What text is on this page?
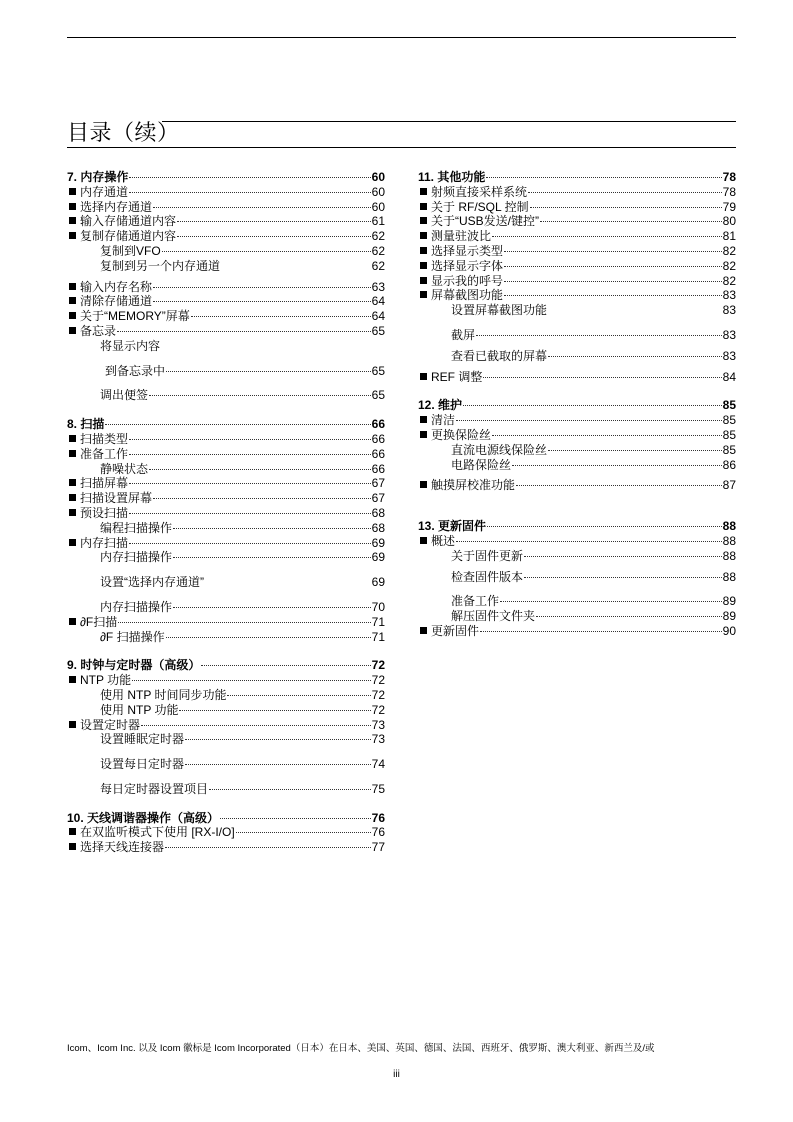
目录（续）
7. 内存操作	60
内存通道	60
选择内存通道	60
输入存储通道内容	61
复制存储通道内容	62
复制到VFO	62
复制到另一个内存通道	62
输入内存名称	63
清除存储通道	64
关于“MEMORY”屏幕	64
备忘录	65
将显示内容
到备忘录中	65
调出便签	65
8. 扫描	66
扫描类型	66
准备工作	66
静噪状态	66
扫描屏幕	67
扫描设置屏幕	67
预设扫描	68
编程扫描操作	68
内存扫描	69
内存扫描操作	69
设置“选择内存通道”	69
内存扫描操作	70
∂F扫描	71
∂F 扫描操作	71
9. 时钟与定时器（高级）	72
NTP 功能	72
使用 NTP 时间同步功能	72
使用 NTP 功能	72
设置定时器	73
设置睡眠定时器	73
设置每日定时器	74
每日定时器设置项目	75
10. 天线调谐器操作（高级）	76
在双监听模式下使用 [RX-I/O]	76
选择天线连接器	77
11. 其他功能	78
射频直接采样系统	78
关于 RF/SQL 控制	79
关于“USB发送/键控”	80
测量驻波比	81
选择显示类型	82
选择显示字体	82
显示我的呼号	82
屏幕截图功能	83
设置屏幕截图功能	83
截屏	83
查看已截取的屏幕	83
REF 调整	84
12. 维护	85
清洁	85
更换保险丝	85
直流电源线保险丝	85
电路保险丝	86
触摸屏校准功能	87
13. 更新固件	88
概述	88
关于固件更新	88
检查固件版本	88
准备工作	89
解压固件文件夹	89
更新固件	90
Icom、Icom Inc. 以及 Icom 徽标是 Icom Incorporated（日本）在日本、美国、英国、德国、法国、西班牙、俄罗斯、澳大利亚、新西兰及/或
iii
